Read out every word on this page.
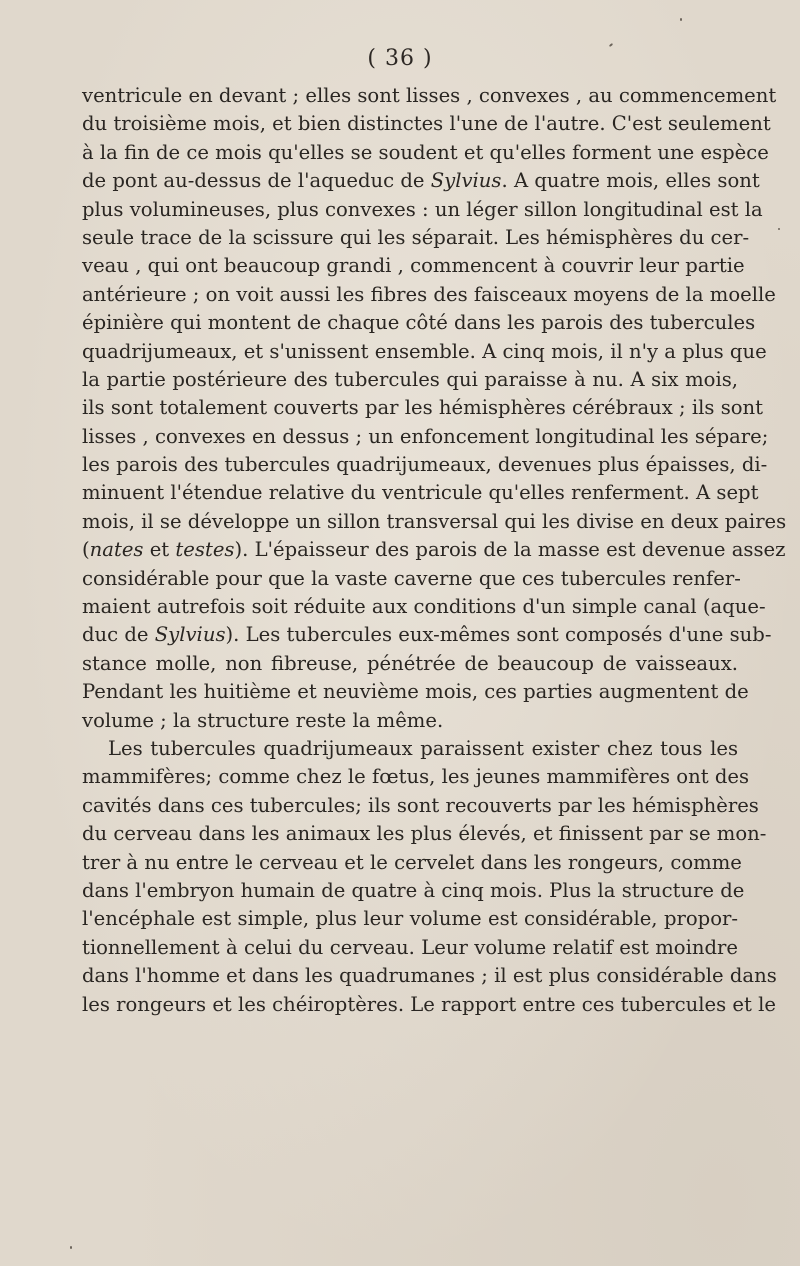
( 36 )
ventricule en devant ; elles sont lisses , convexes , au commencement
du troisième mois, et bien distinctes l'une de l'autre. C'est seulement
à la fin de ce mois qu'elles se soudent et qu'elles forment une espèce
de pont au-dessus de l'aqueduc de Sylvius. A quatre mois, elles sont
plus volumineuses, plus convexes : un léger sillon longitudinal est la
seule trace de la scissure qui les séparait. Les hémisphères du cer-
veau , qui ont beaucoup grandi , commencent à couvrir leur partie
antérieure ; on voit aussi les fibres des faisceaux moyens de la moelle
épinière qui montent de chaque côté dans les parois des tubercules
quadrijumeaux, et s'unissent ensemble. A cinq mois, il n'y a plus que
la partie postérieure des tubercules qui paraisse à nu. A six mois,
ils sont totalement couverts par les hémisphères cérébraux ; ils sont
lisses , convexes en dessus ; un enfoncement longitudinal les sépare;
les parois des tubercules quadrijumeaux, devenues plus épaisses, di-
minuent l'étendue relative du ventricule qu'elles renferment. A sept
mois, il se développe un sillon transversal qui les divise en deux paires
(nates et testes). L'épaisseur des parois de la masse est devenue assez
considérable pour que la vaste caverne que ces tubercules renfer-
maient autrefois soit réduite aux conditions d'un simple canal (aque-
duc de Sylvius). Les tubercules eux-mêmes sont composés d'une sub-
stance molle, non fibreuse, pénétrée de beaucoup de vaisseaux.
Pendant les huitième et neuvième mois, ces parties augmentent de
volume ; la structure reste la même.
Les tubercules quadrijumeaux paraissent exister chez tous les
mammifères; comme chez le fœtus, les jeunes mammifères ont des
cavités dans ces tubercules; ils sont recouverts par les hémisphères
du cerveau dans les animaux les plus élevés, et finissent par se mon-
trer à nu entre le cerveau et le cervelet dans les rongeurs, comme
dans l'embryon humain de quatre à cinq mois. Plus la structure de
l'encéphale est simple, plus leur volume est considérable, propor-
tionnellement à celui du cerveau. Leur volume relatif est moindre
dans l'homme et dans les quadrumanes ; il est plus considérable dans
les rongeurs et les chéiroptères. Le rapport entre ces tubercules et le
